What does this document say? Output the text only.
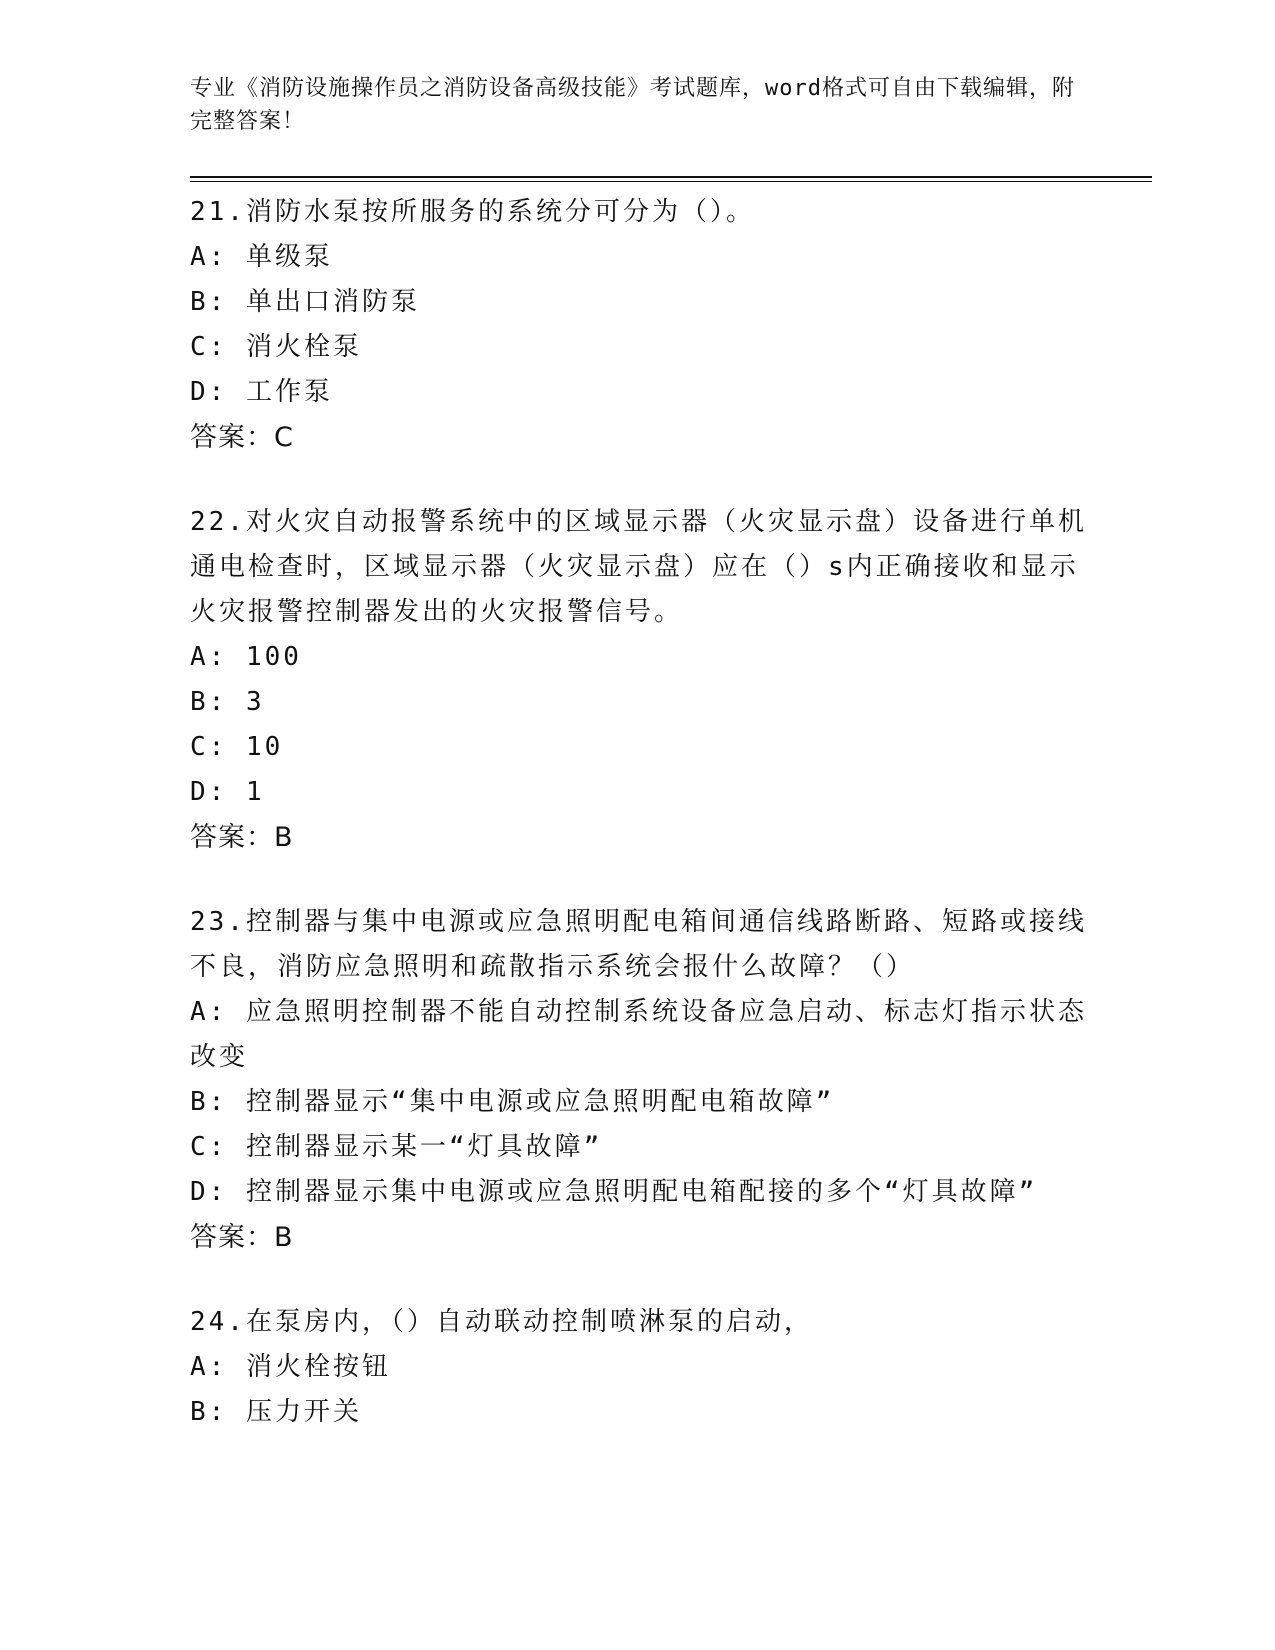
专业《消防设施操作员之消防设备高级技能》考试题库，word格式可自由下载编辑，附完整答案！

21.消防水泵按所服务的系统分可分为（）。

A: 单级泵

B: 单出口消防泵

C: 消火栓泵

D: 工作泵

答案：C

22.对火灾自动报警系统中的区域显示器（火灾显示盘）设备进行单机通电检查时，区域显示器（火灾显示盘）应在（）s内正确接收和显示火灾报警控制器发出的火灾报警信号。

A: 100

B: 3

C: 10

D: 1

答案：B

23.控制器与集中电源或应急照明配电箱间通信线路断路、短路或接线不良，消防应急照明和疏散指示系统会报什么故障？（）

A: 应急照明控制器不能自动控制系统设备应急启动、标志灯指示状态改变

B: 控制器显示“集中电源或应急照明配电箱故障”

C: 控制器显示某一“灯具故障”

D: 控制器显示集中电源或应急照明配电箱配接的多个“灯具故障”

答案：B

24.在泵房内，（）自动联动控制喷淋泵的启动，

A: 消火栓按钮

B: 压力开关
